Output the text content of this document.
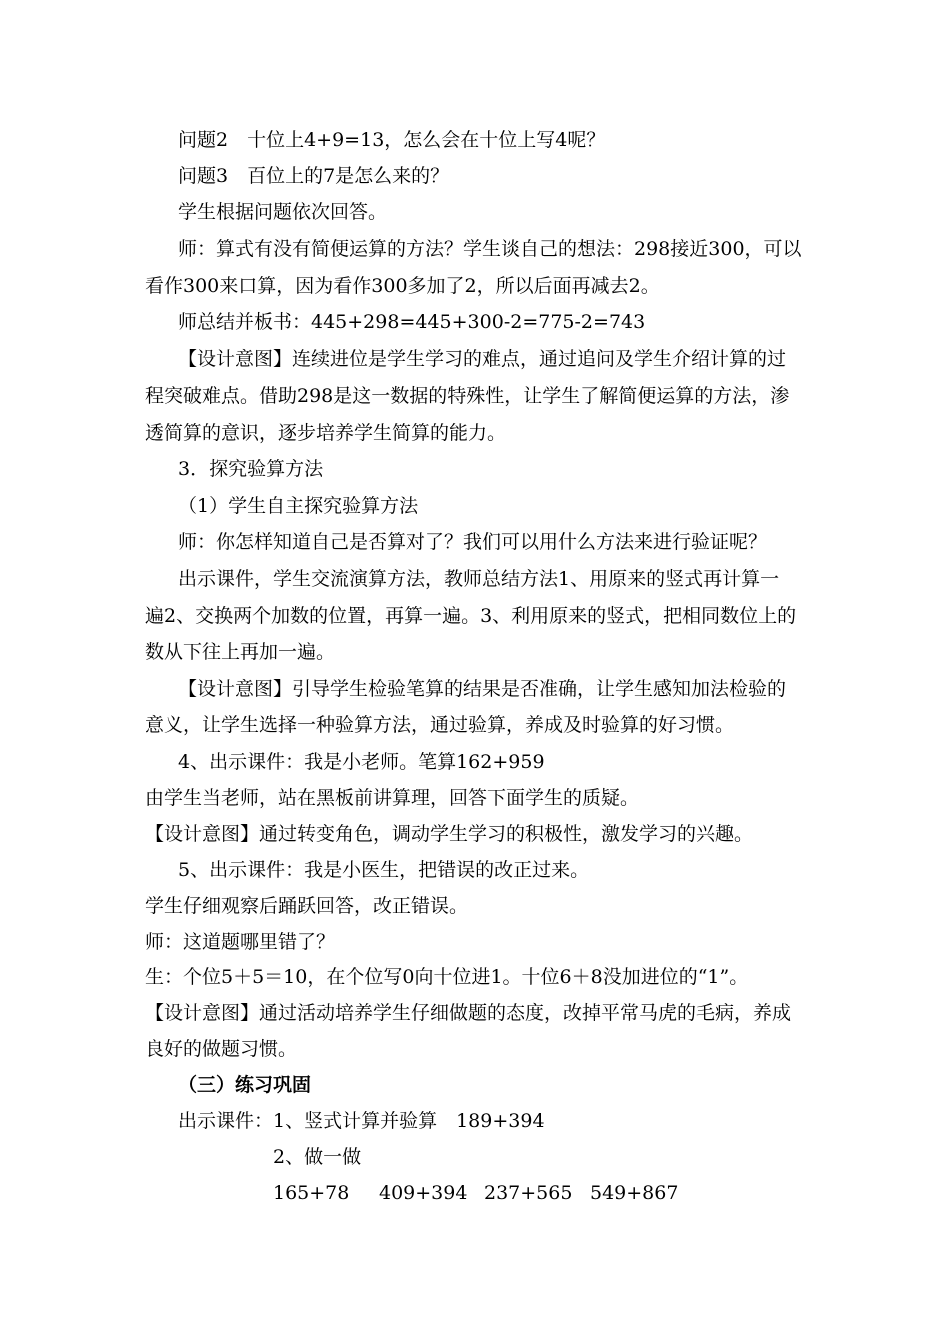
问题2　十位上4+9=13，怎么会在十位上写4呢？
问题3　百位上的7是怎么来的？
学生根据问题依次回答。
师：算式有没有简便运算的方法？学生谈自己的想法：298接近300，可以
看作300来口算，因为看作300多加了2，所以后面再减去2。
师总结并板书：445+298=445+300-2=775-2=743
【设计意图】连续进位是学生学习的难点，通过追问及学生介绍计算的过
程突破难点。借助298是这一数据的特殊性，让学生了解简便运算的方法，渗
透简算的意识，逐步培养学生简算的能力。
3．探究验算方法
（1）学生自主探究验算方法
师：你怎样知道自己是否算对了？我们可以用什么方法来进行验证呢？
出示课件，学生交流演算方法，教师总结方法1、用原来的竖式再计算一
遍2、交换两个加数的位置，再算一遍。3、利用原来的竖式，把相同数位上的
数从下往上再加一遍。
【设计意图】引导学生检验笔算的结果是否准确，让学生感知加法检验的
意义，让学生选择一种验算方法，通过验算，养成及时验算的好习惯。
4、出示课件：我是小老师。笔算162+959
由学生当老师，站在黑板前讲算理，回答下面学生的质疑。
【设计意图】通过转变角色，调动学生学习的积极性，激发学习的兴趣。
5、出示课件：我是小医生，把错误的改正过来。
学生仔细观察后踊跃回答，改正错误。
师：这道题哪里错了？
生：个位5＋5＝10，在个位写0向十位进1。十位6＋8没加进位的“1”。
【设计意图】通过活动培养学生仔细做题的态度，改掉平常马虎的毛病，养成
良好的做题习惯。
（三）练习巩固
出示课件：1、竖式计算并验算　189+394
2、做一做
165+78 409+394 237+565 549+867
